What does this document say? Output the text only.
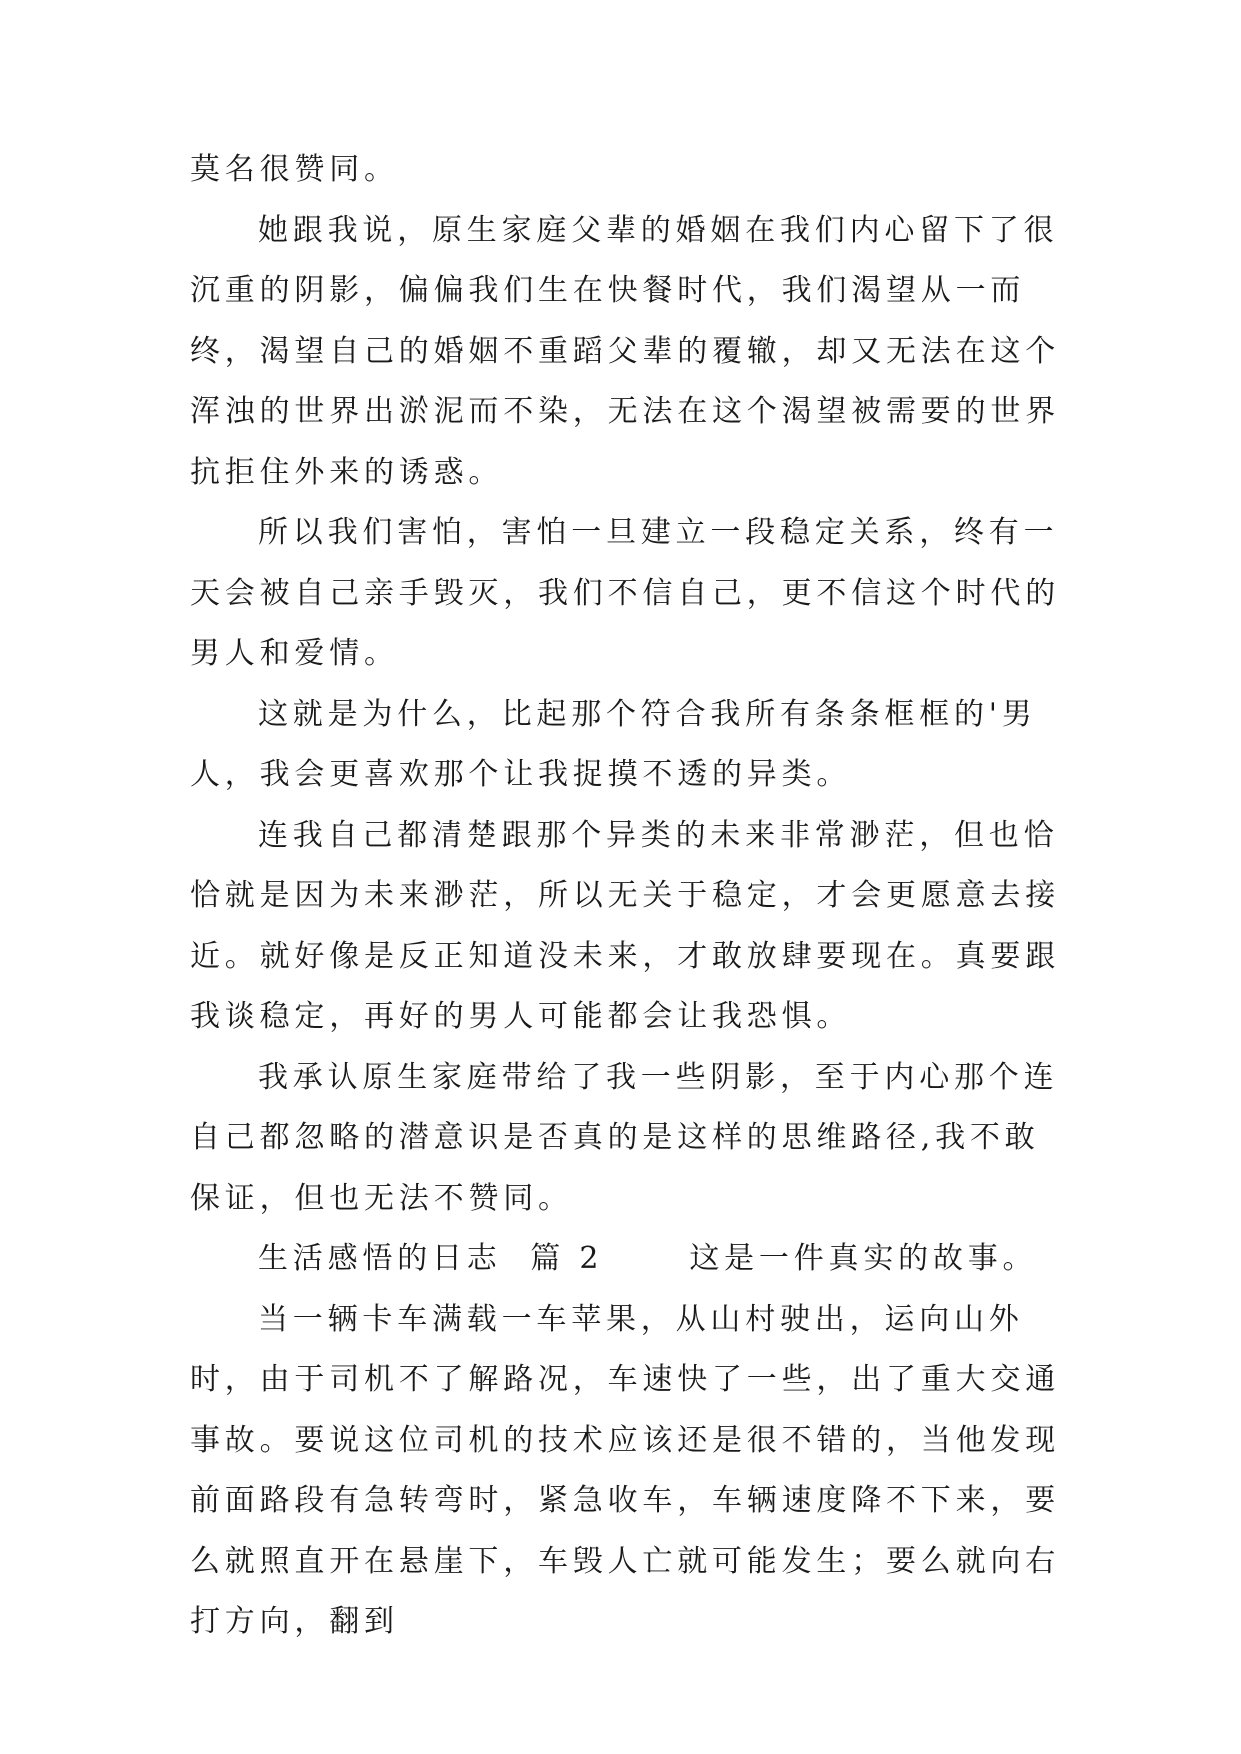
莫名很赞同。

她跟我说，原生家庭父辈的婚姻在我们内心留下了很沉重的阴影，偏偏我们生在快餐时代，我们渴望从一而终，渴望自己的婚姻不重蹈父辈的覆辙，却又无法在这个浑浊的世界出淤泥而不染，无法在这个渴望被需要的世界抗拒住外来的诱惑。

所以我们害怕，害怕一旦建立一段稳定关系，终有一天会被自己亲手毁灭，我们不信自己，更不信这个时代的男人和爱情。

这就是为什么，比起那个符合我所有条条框框的'男人，我会更喜欢那个让我捉摸不透的异类。

连我自己都清楚跟那个异类的未来非常渺茫，但也恰恰就是因为未来渺茫，所以无关于稳定，才会更愿意去接近。就好像是反正知道没未来，才敢放肆要现在。真要跟我谈稳定，再好的男人可能都会让我恐惧。

我承认原生家庭带给了我一些阴影，至于内心那个连自己都忽略的潜意识是否真的是这样的思维路径,我不敢保证，但也无法不赞同。

生活感悟的日志  篇 2	这是一件真实的故事。

当一辆卡车满载一车苹果，从山村驶出，运向山外时，由于司机不了解路况，车速快了一些，出了重大交通事故。要说这位司机的技术应该还是很不错的，当他发现前面路段有急转弯时，紧急收车，车辆速度降不下来，要么就照直开在悬崖下，车毁人亡就可能发生；要么就向右打方向，翻到
